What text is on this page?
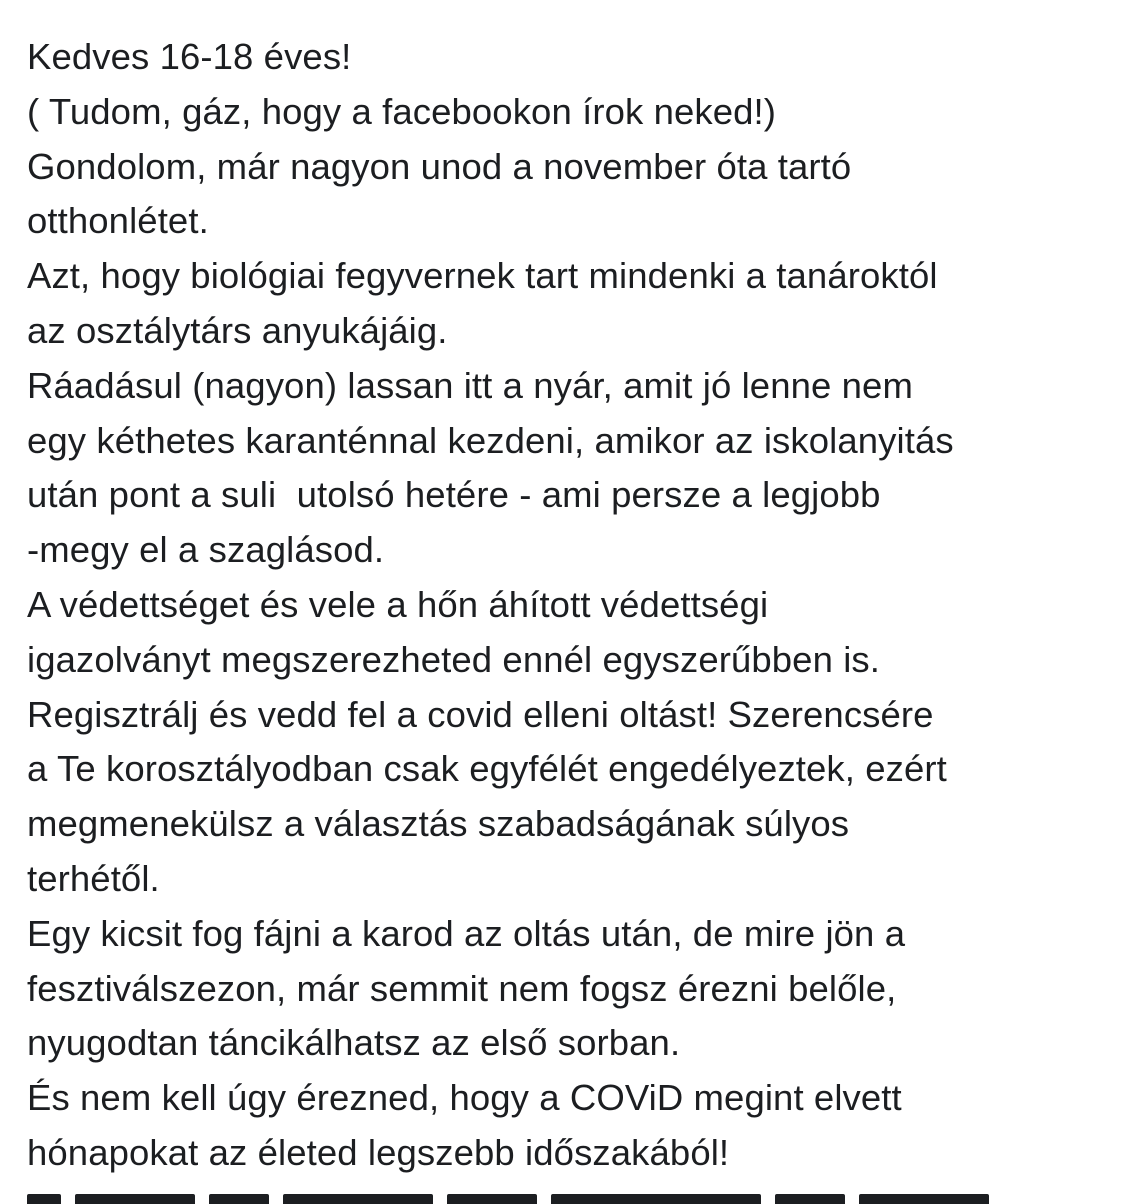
Kedves 16-18 éves!
( Tudom, gáz, hogy a facebookon írok neked!)
Gondolom, már nagyon unod a november óta tartó
otthonlétet.
Azt, hogy biológiai fegyvernek tart mindenki a tanároktól
az osztálytárs anyukájáig.
Ráadásul (nagyon) lassan itt a nyár, amit jó lenne nem
egy kéthetes karanténnal kezdeni, amikor az iskolanyitás
után pont a suli  utolsó hetére - ami persze a legjobb
-megy el a szaglásod.
A védettséget és vele a hőn áhított védettségi
igazolványt megszerezheted ennél egyszerűbben is.
Regisztrálj és vedd fel a covid elleni oltást! Szerencsére
a Te korosztályodban csak egyfélét engedélyeztek, ezért
megmenekülsz a választás szabadságának súlyos
terhétől.
Egy kicsit fog fájni a karod az oltás után, de mire jön a
fesztiválszezon, már semmit nem fogsz érezni belőle,
nyugodtan táncikálhatsz az első sorban.
És nem kell úgy érezned, hogy a COViD megint elvett
hónapokat az életed legszebb időszakából!
